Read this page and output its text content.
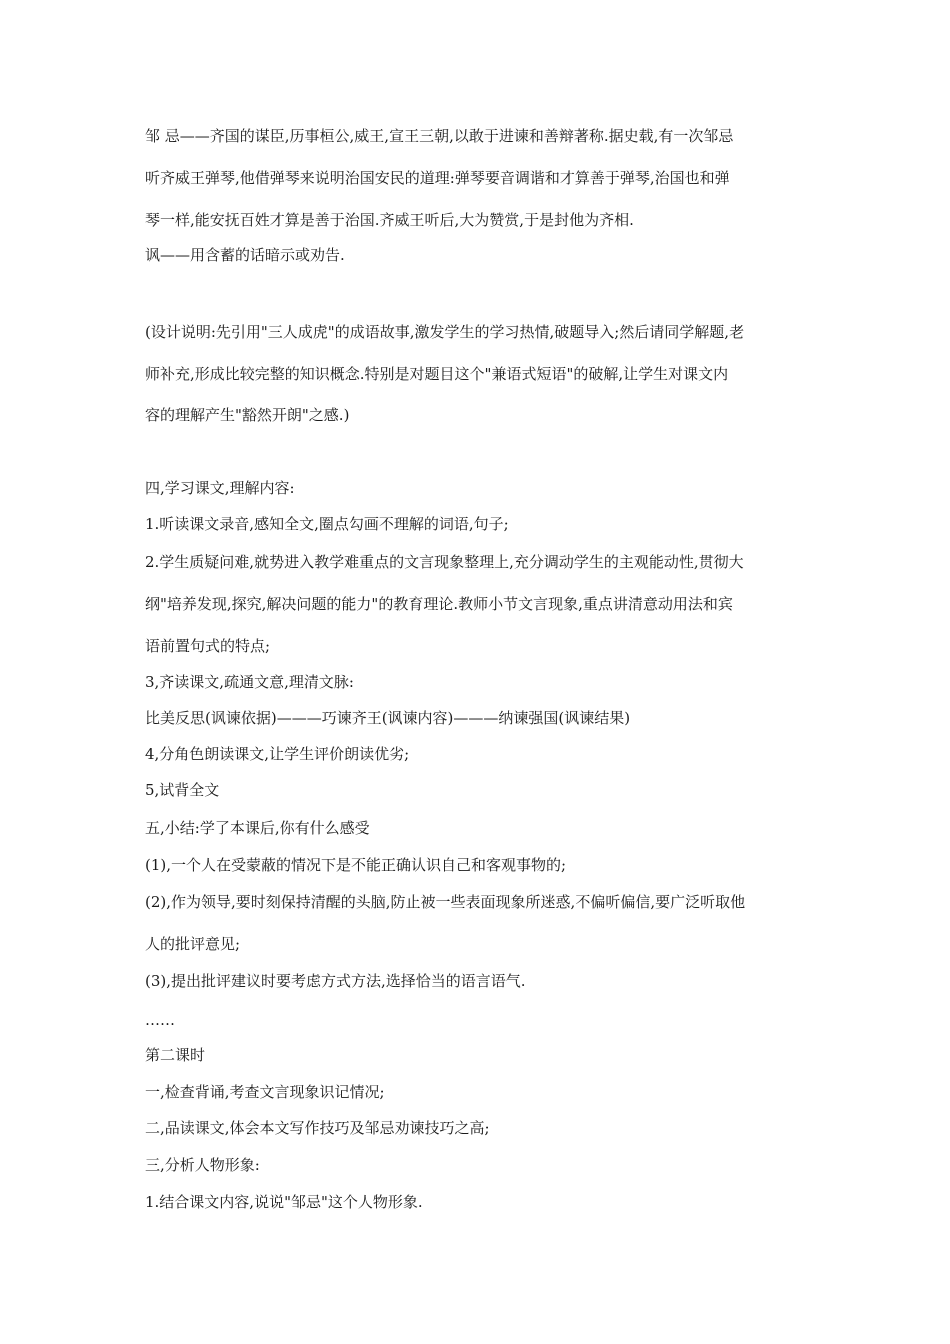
邹 忌——齐国的谋臣,历事桓公,威王,宣王三朝,以敢于进谏和善辩著称.据史载,有一次邹忌
听齐威王弹琴,他借弹琴来说明治国安民的道理:弹琴要音调谐和才算善于弹琴,治国也和弹
琴一样,能安抚百姓才算是善于治国.齐威王听后,大为赞赏,于是封他为齐相.
讽——用含蓄的话暗示或劝告.
(设计说明:先引用"三人成虎"的成语故事,激发学生的学习热情,破题导入;然后请同学解题,老
师补充,形成比较完整的知识概念.特别是对题目这个"兼语式短语"的破解,让学生对课文内
容的理解产生"豁然开朗"之感.)
四,学习课文,理解内容:
1.听读课文录音,感知全文,圈点勾画不理解的词语,句子;
2.学生质疑问难,就势进入教学难重点的文言现象整理上,充分调动学生的主观能动性,贯彻大
纲"培养发现,探究,解决问题的能力"的教育理论.教师小节文言现象,重点讲清意动用法和宾
语前置句式的特点;
3,齐读课文,疏通文意,理清文脉:
比美反思(讽谏依据)———巧谏齐王(讽谏内容)———纳谏强国(讽谏结果)
4,分角色朗读课文,让学生评价朗读优劣;
5,试背全文
五,小结:学了本课后,你有什么感受
(1),一个人在受蒙蔽的情况下是不能正确认识自己和客观事物的;
(2),作为领导,要时刻保持清醒的头脑,防止被一些表面现象所迷惑,不偏听偏信,要广泛听取他
人的批评意见;
(3),提出批评建议时要考虑方式方法,选择恰当的语言语气.
……
第二课时
一,检查背诵,考查文言现象识记情况;
二,品读课文,体会本文写作技巧及邹忌劝谏技巧之高;
三,分析人物形象:
1.结合课文内容,说说"邹忌"这个人物形象.
